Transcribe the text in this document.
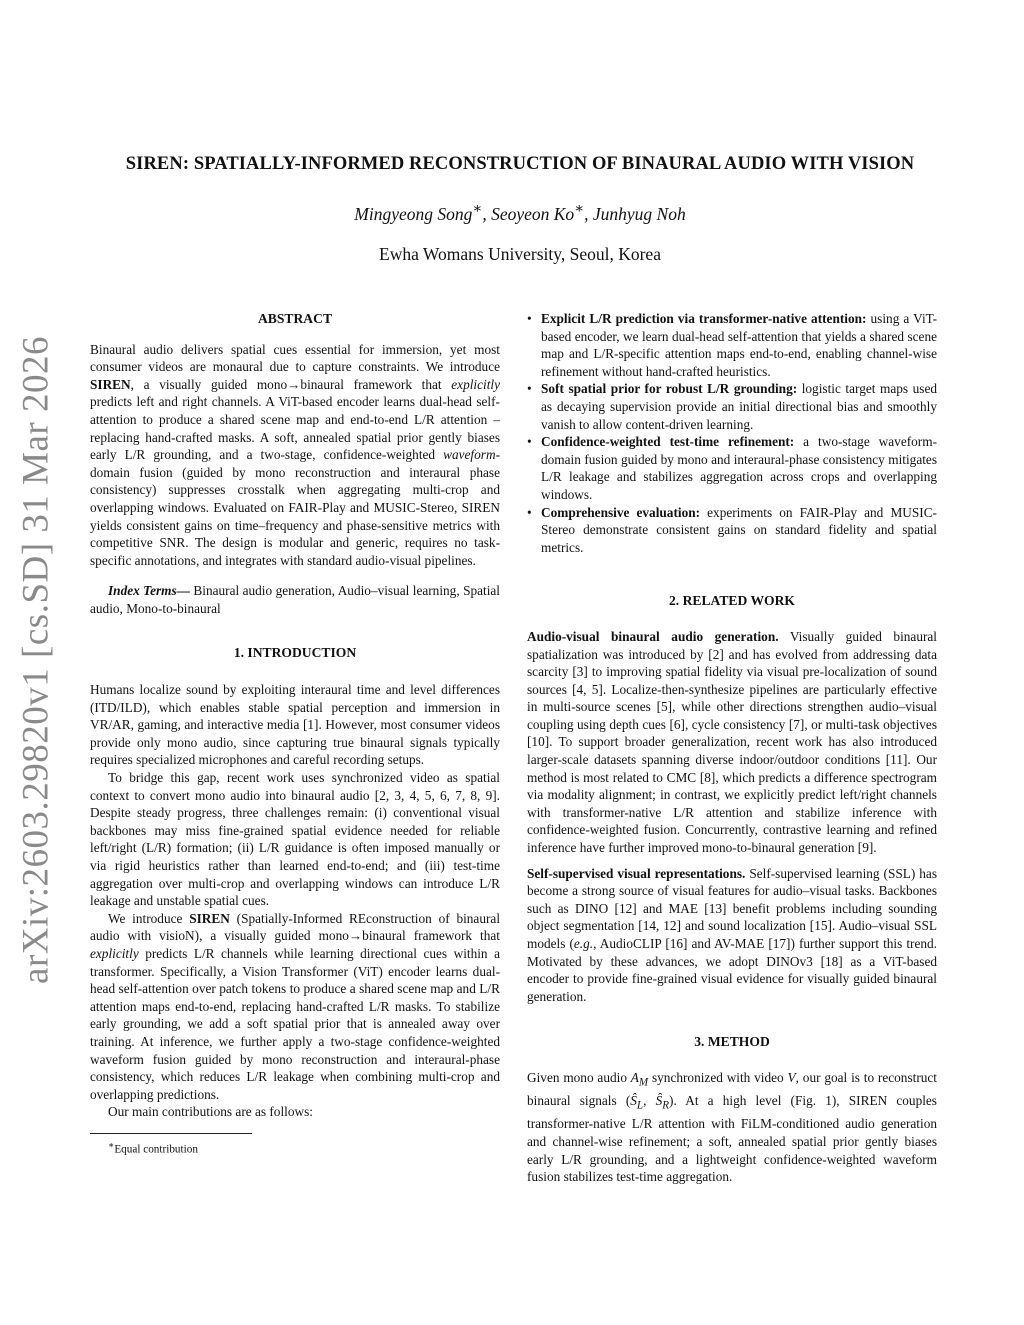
arXiv:2603.29820v1 [cs.SD] 31 Mar 2026
SIREN: SPATIALLY-INFORMED RECONSTRUCTION OF BINAURAL AUDIO WITH VISION
Mingyeong Song∗, Seoyeon Ko∗, Junhyug Noh
Ewha Womans University, Seoul, Korea
ABSTRACT

Binaural audio delivers spatial cues essential for immersion, yet most consumer videos are monaural due to capture constraints. We introduce SIREN, a visually guided mono→binaural framework that explicitly predicts left and right channels. A ViT-based encoder learns dual-head self-attention to produce a shared scene map and end-to-end L/R attention – replacing hand-crafted masks. A soft, annealed spatial prior gently biases early L/R grounding, and a two-stage, confidence-weighted waveform-domain fusion (guided by mono reconstruction and interaural phase consistency) suppresses crosstalk when aggregating multi-crop and overlapping windows. Evaluated on FAIR-Play and MUSIC-Stereo, SIREN yields consistent gains on time–frequency and phase-sensitive metrics with competitive SNR. The design is modular and generic, requires no task-specific annotations, and integrates with standard audio-visual pipelines.

Index Terms— Binaural audio generation, Audio–visual learning, Spatial audio, Mono-to-binaural

1. INTRODUCTION

Humans localize sound by exploiting interaural time and level differences (ITD/ILD), which enables stable spatial perception and immersion in VR/AR, gaming, and interactive media [1]. However, most consumer videos provide only mono audio, since capturing true binaural signals typically requires specialized microphones and careful recording setups.

To bridge this gap, recent work uses synchronized video as spatial context to convert mono audio into binaural audio [2, 3, 4, 5, 6, 7, 8, 9]. Despite steady progress, three challenges remain: (i) conventional visual backbones may miss fine-grained spatial evidence needed for reliable left/right (L/R) formation; (ii) L/R guidance is often imposed manually or via rigid heuristics rather than learned end-to-end; and (iii) test-time aggregation over multi-crop and overlapping windows can introduce L/R leakage and unstable spatial cues.

We introduce SIREN (Spatially-Informed REconstruction of binaural audio with visioN), a visually guided mono→binaural framework that explicitly predicts L/R channels while learning directional cues within a transformer. Specifically, a Vision Transformer (ViT) encoder learns dual-head self-attention over patch tokens to produce a shared scene map and L/R attention maps end-to-end, replacing hand-crafted L/R masks. To stabilize early grounding, we add a soft spatial prior that is annealed away over training. At inference, we further apply a two-stage confidence-weighted waveform fusion guided by mono reconstruction and interaural-phase consistency, which reduces L/R leakage when combining multi-crop and overlapping predictions.

Our main contributions are as follows:

∗Equal contribution
• Explicit L/R prediction via transformer-native attention: using a ViT-based encoder, we learn dual-head self-attention that yields a shared scene map and L/R-specific attention maps end-to-end, enabling channel-wise refinement without hand-crafted heuristics.
• Soft spatial prior for robust L/R grounding: logistic target maps used as decaying supervision provide an initial directional bias and smoothly vanish to allow content-driven learning.
• Confidence-weighted test-time refinement: a two-stage waveform-domain fusion guided by mono and interaural-phase consistency mitigates L/R leakage and stabilizes aggregation across crops and overlapping windows.
• Comprehensive evaluation: experiments on FAIR-Play and MUSIC-Stereo demonstrate consistent gains on standard fidelity and spatial metrics.
2. RELATED WORK

Audio-visual binaural audio generation. Visually guided binaural spatialization was introduced by [2] and has evolved from addressing data scarcity [3] to improving spatial fidelity via visual pre-localization of sound sources [4, 5]. Localize-then-synthesize pipelines are particularly effective in multi-source scenes [5], while other directions strengthen audio–visual coupling using depth cues [6], cycle consistency [7], or multi-task objectives [10]. To support broader generalization, recent work has also introduced larger-scale datasets spanning diverse indoor/outdoor conditions [11]. Our method is most related to CMC [8], which predicts a difference spectrogram via modality alignment; in contrast, we explicitly predict left/right channels with transformer-native L/R attention and stabilize inference with confidence-weighted fusion. Concurrently, contrastive learning and refined inference have further improved mono-to-binaural generation [9].

Self-supervised visual representations. Self-supervised learning (SSL) has become a strong source of visual features for audio–visual tasks. Backbones such as DINO [12] and MAE [13] benefit problems including sounding object segmentation [14, 12] and sound localization [15]. Audio–visual SSL models (e.g., AudioCLIP [16] and AV-MAE [17]) further support this trend. Motivated by these advances, we adopt DINOv3 [18] as a ViT-based encoder to provide fine-grained visual evidence for visually guided binaural generation.

3. METHOD

Given mono audio $A_M$ synchronized with video V, our goal is to reconstruct binaural signals ($Ŝ_L$, $Ŝ_R$). At a high level (Fig. 1), SIREN couples transformer-native L/R attention with FiLM-conditioned audio generation and channel-wise refinement; a soft, annealed spatial prior gently biases early L/R grounding, and a lightweight confidence-weighted waveform fusion stabilizes test-time aggregation.
